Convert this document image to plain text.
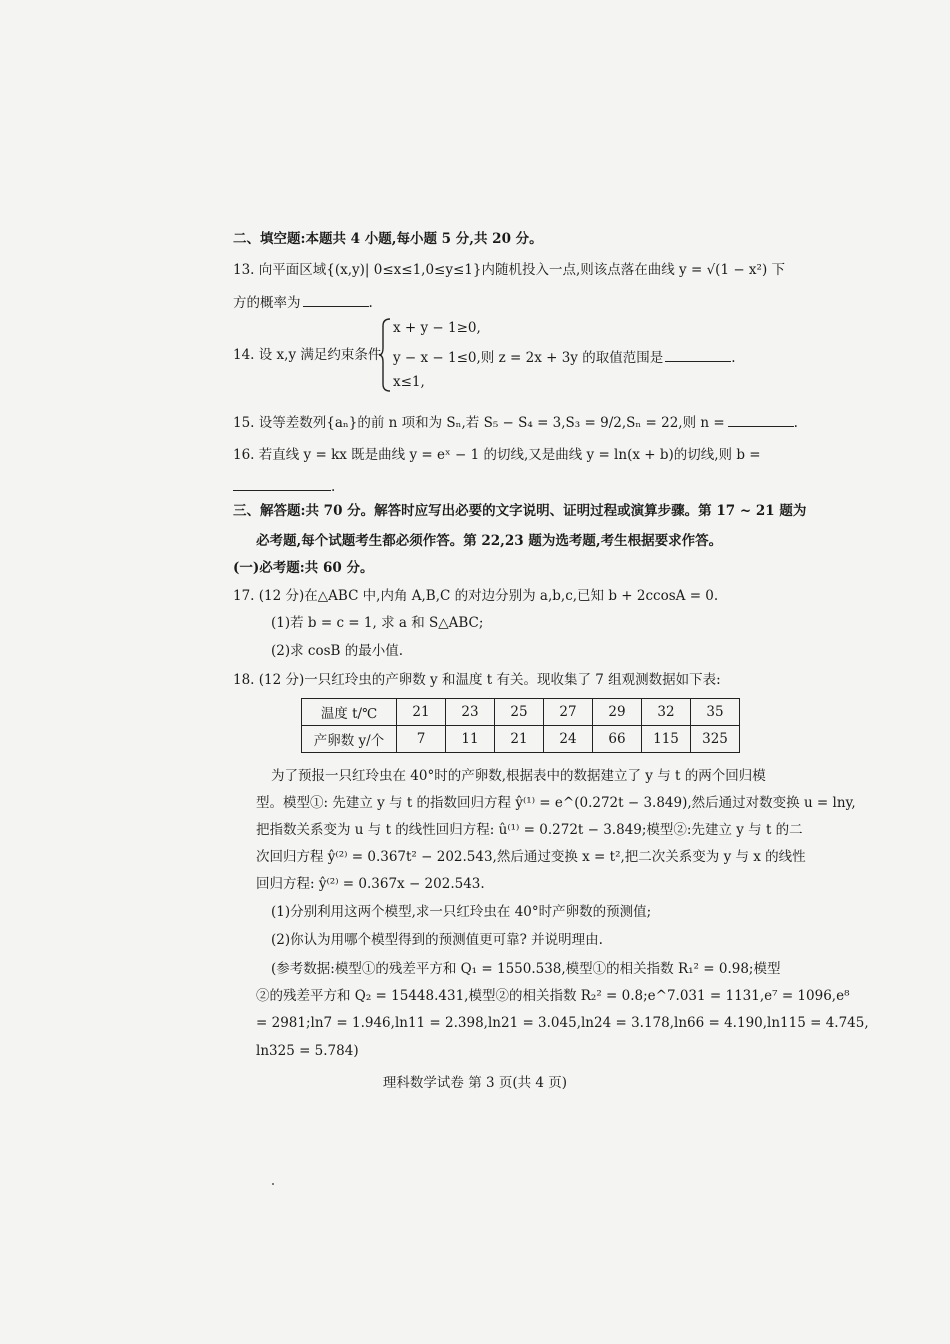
二、填空题:本题共 4 小题,每小题 5 分,共 20 分。
13. 向平面区域{(x,y)| 0≤x≤1,0≤y≤1}内随机投入一点,则该点落在曲线 y = √(1 − x²) 下
方的概率为	.
14. 设 x,y 满足约束条件
x + y − 1≥0,
y − x − 1≤0,则 z = 2x + 3y 的取值范围是	.
x≤1,
15. 设等差数列{aₙ}的前 n 项和为 Sₙ,若 S₅ − S₄ = 3,S₃ = 9/2,Sₙ = 22,则 n =	.
16. 若直线 y = kx 既是曲线 y = eˣ − 1 的切线,又是曲线 y = ln(x + b)的切线,则 b =
.
三、解答题:共 70 分。解答时应写出必要的文字说明、证明过程或演算步骤。第 17 ~ 21 题为
必考题,每个试题考生都必须作答。第 22,23 题为选考题,考生根据要求作答。
(一)必考题:共 60 分。
17. (12 分)在△ABC 中,内角 A,B,C 的对边分别为 a,b,c,已知 b + 2ccosA = 0.
(1)若 b = c = 1, 求 a 和 S△ABC;
(2)求 cosB 的最小值.
18. (12 分)一只红玲虫的产卵数 y 和温度 t 有关。现收集了 7 组观测数据如下表:
温度 t/℃	21	23	25	27	29	32	35
产卵数 y/个	7	11	21	24	66	115	325
为了预报一只红玲虫在 40°时的产卵数,根据表中的数据建立了 y 与 t 的两个回归模
型。模型①: 先建立 y 与 t 的指数回归方程 ŷ⁽¹⁾ = e^(0.272t − 3.849),然后通过对数变换 u = lny,
把指数关系变为 u 与 t 的线性回归方程: û⁽¹⁾ = 0.272t − 3.849;模型②:先建立 y 与 t 的二
次回归方程 ŷ⁽²⁾ = 0.367t² − 202.543,然后通过变换 x = t²,把二次关系变为 y 与 x 的线性
回归方程: ŷ⁽²⁾ = 0.367x − 202.543.
(1)分别利用这两个模型,求一只红玲虫在 40°时产卵数的预测值;
(2)你认为用哪个模型得到的预测值更可靠? 并说明理由.
(参考数据:模型①的残差平方和 Q₁ = 1550.538,模型①的相关指数 R₁² = 0.98;模型
②的残差平方和 Q₂ = 15448.431,模型②的相关指数 R₂² = 0.8;e^7.031 = 1131,e⁷ = 1096,e⁸
= 2981;ln7 = 1.946,ln11 = 2.398,ln21 = 3.045,ln24 = 3.178,ln66 = 4.190,ln115 = 4.745,
ln325 = 5.784)
理科数学试卷 第 3 页(共 4 页)
